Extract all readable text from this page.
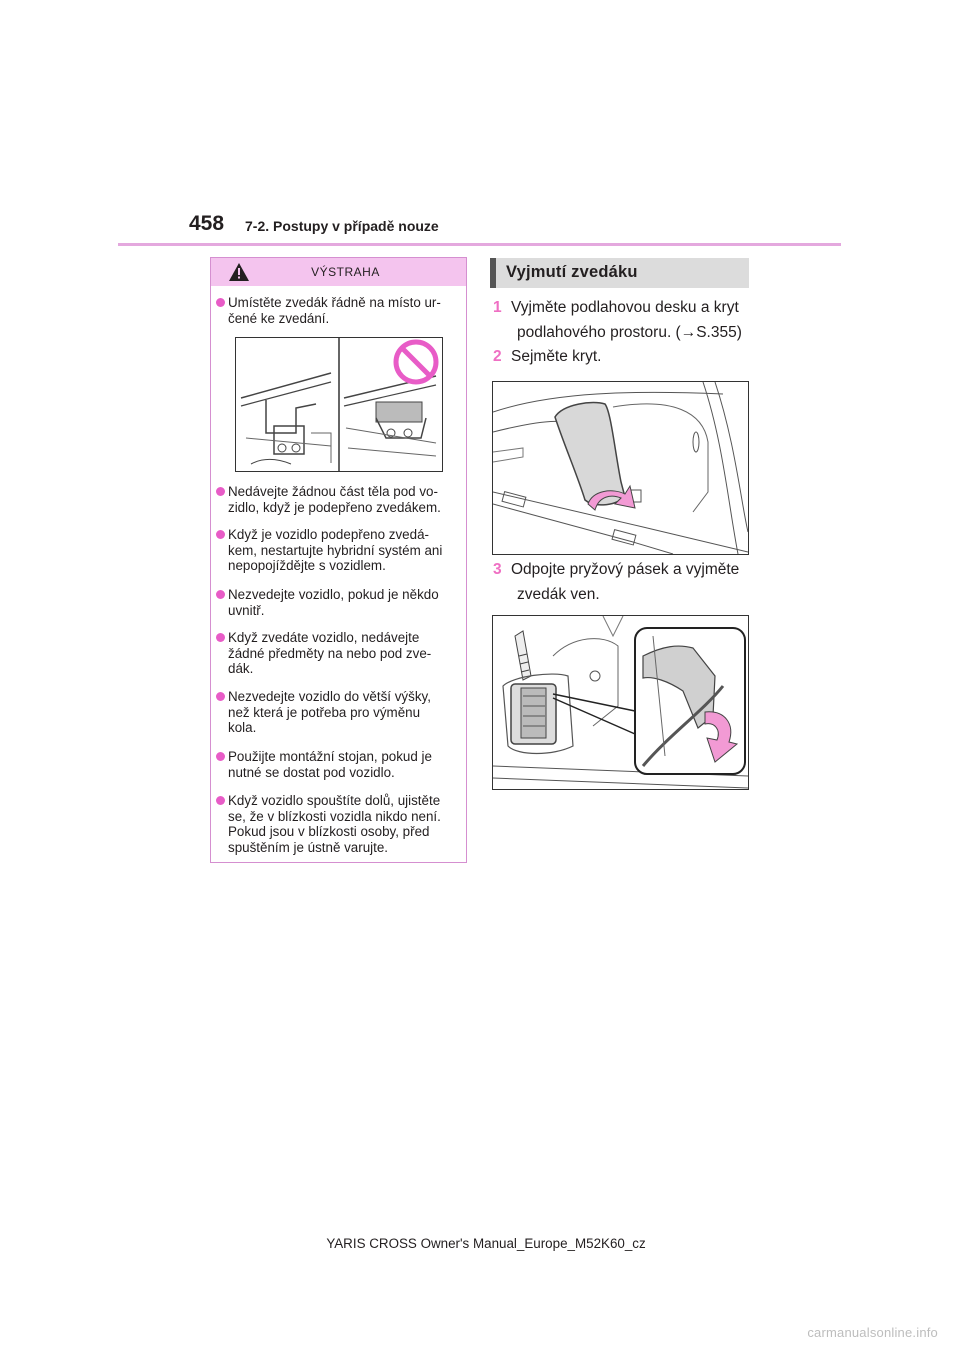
458 7-2. Postupy v případě nouze
VÝSTRAHA
Umístěte zvedák řádně na místo ur-
čené ke zvedání.
Nedávejte žádnou část těla pod vo-
zidlo, když je podepřeno zvedákem.
Když je vozidlo podepřeno zvedá-
kem, nestartujte hybridní systém ani
nepopojíždějte s vozidlem.
Nezvedejte vozidlo, pokud je někdo
uvnitř.
Když zvedáte vozidlo, nedávejte
žádné předměty na nebo pod zve-
dák.
Nezvedejte vozidlo do větší výšky,
než která je potřeba pro výměnu
kola.
Použijte montážní stojan, pokud je
nutné se dostat pod vozidlo.
Když vozidlo spouštíte dolů, ujistěte
se, že v blízkosti vozidla nikdo není.
Pokud jsou v blízkosti osoby, před
spuštěním je ústně varujte.
Vyjmutí zvedáku
1 Vyjměte podlahovou desku a kryt
podlahového prostoru. (→S.355)
2 Sejměte kryt.
3 Odpojte pryžový pásek a vyjměte
zvedák ven.
YARIS CROSS Owner's Manual_Europe_M52K60_cz
carmanualsonline.info
